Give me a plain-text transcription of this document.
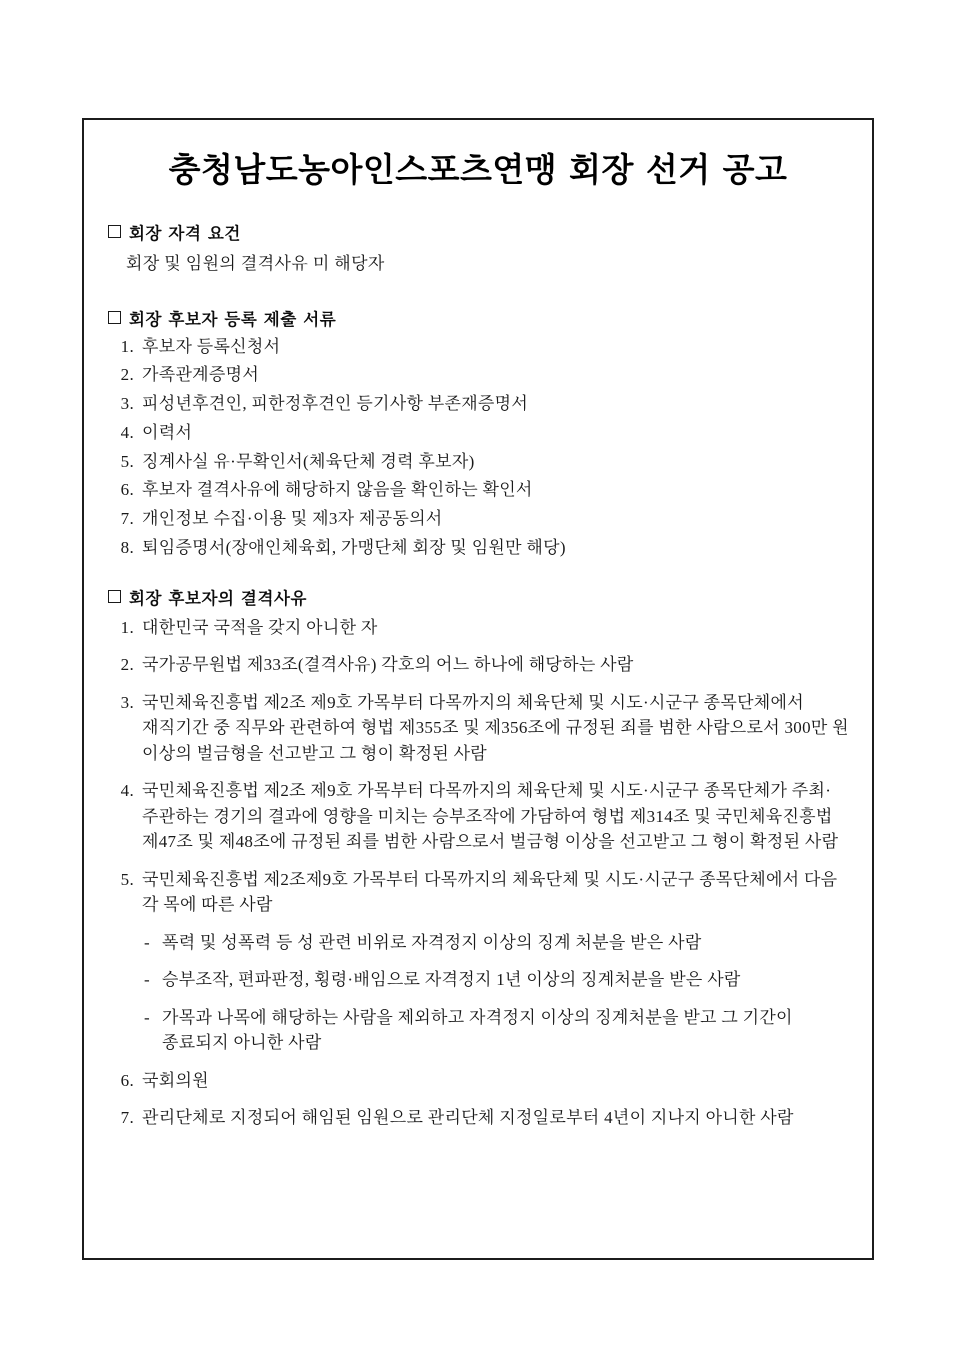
충청남도농아인스포츠연맹 회장 선거 공고
회장 자격 요건

회장 및 임원의 결격사유 미 해당자

회장 후보자 등록 제출 서류
1. 후보자 등록신청서

2. 가족관계증명서

3. 피성년후견인, 피한정후견인 등기사항 부존재증명서

4. 이력서

5. 징계사실 유·무확인서(체육단체 경력 후보자)

6. 후보자 결격사유에 해당하지 않음을 확인하는 확인서

7. 개인정보 수집·이용 및 제3자 제공동의서

8. 퇴임증명서(장애인체육회, 가맹단체 회장 및 임원만 해당)

회장 후보자의 결격사유
1. 대한민국 국적을 갖지 아니한 자

2. 국가공무원법 제33조(결격사유) 각호의 어느 하나에 해당하는 사람

3. 국민체육진흥법 제2조 제9호 가목부터 다목까지의 체육단체 및 시도·시군구 종목단체에서 재직기간 중 직무와 관련하여 형법 제355조 및 제356조에 규정된 죄를 범한 사람으로서 300만 원 이상의 벌금형을 선고받고 그 형이 확정된 사람

4. 국민체육진흥법 제2조 제9호 가목부터 다목까지의 체육단체 및 시도·시군구 종목단체가 주최·주관하는 경기의 결과에 영향을 미치는 승부조작에 가담하여 형법 제314조 및 국민체육진흥법 제47조 및 제48조에 규정된 죄를 범한 사람으로서 벌금형 이상을 선고받고 그 형이 확정된 사람

5. 국민체육진흥법 제2조제9호 가목부터 다목까지의 체육단체 및 시도·시군구 종목단체에서 다음 각 목에 따른 사람

- 폭력 및 성폭력 등 성 관련 비위로 자격정지 이상의 징계 처분을 받은 사람
- 승부조작, 편파판정, 횡령·배임으로 자격정지 1년 이상의 징계처분을 받은 사람
- 가목과 나목에 해당하는 사람을 제외하고 자격정지 이상의 징계처분을 받고 그 기간이 종료되지 아니한 사람
6. 국회의원

7. 관리단체로 지정되어 해임된 임원으로 관리단체 지정일로부터 4년이 지나지 아니한 사람
